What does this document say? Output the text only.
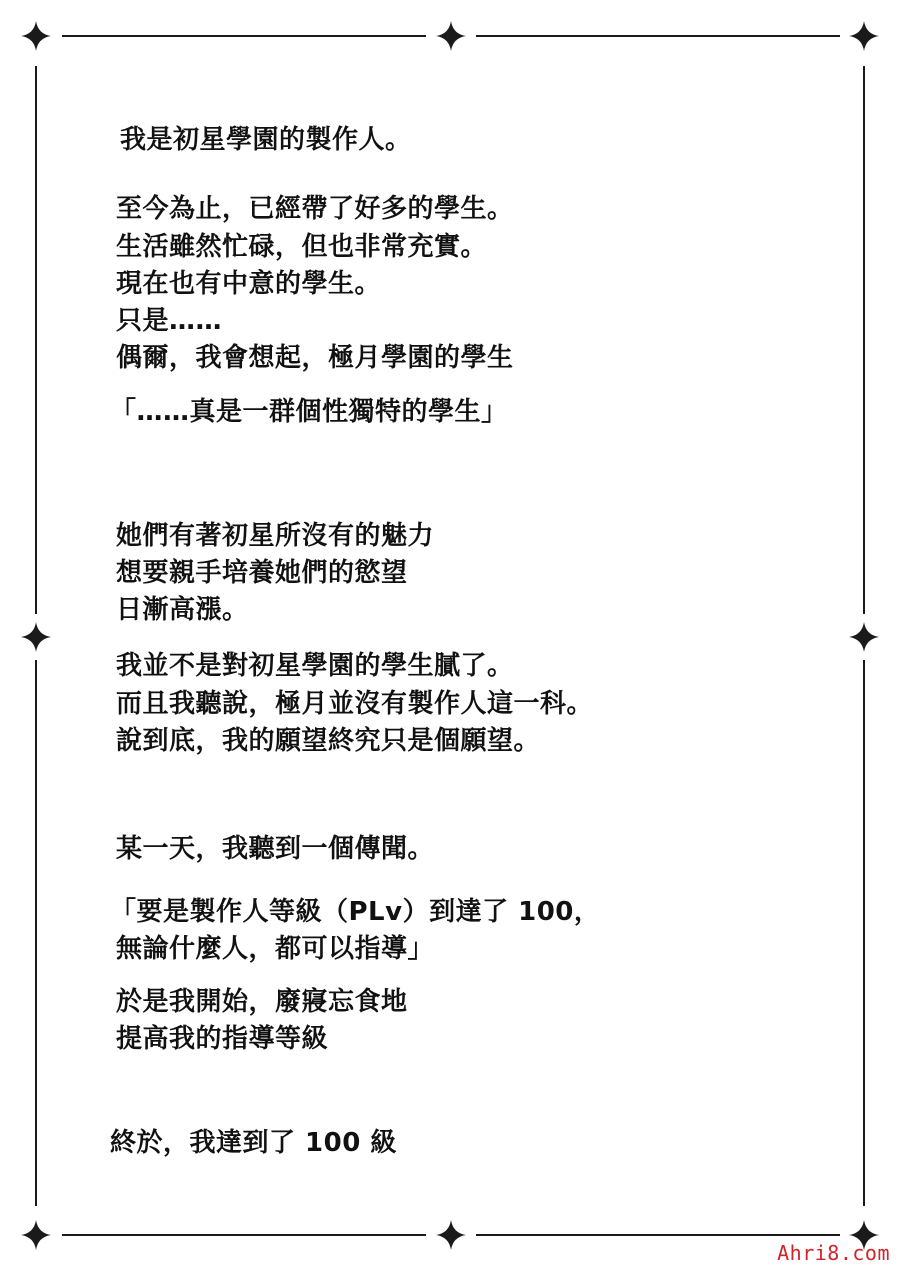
我是初星學園的製作人。
至今為止，已經帶了好多的學生。
生活雖然忙碌，但也非常充實。
現在也有中意的學生。
只是……
偶爾，我會想起，極月學園的學生
「……真是一群個性獨特的學生」
她們有著初星所沒有的魅力
想要親手培養她們的慾望
日漸高漲。
我並不是對初星學園的學生膩了。
而且我聽說，極月並沒有製作人這一科。
說到底，我的願望終究只是個願望。
某一天，我聽到一個傳聞。
「要是製作人等級（PLv）到達了 100，
無論什麼人，都可以指導」
於是我開始，廢寢忘食地
提高我的指導等級
終於，我達到了 100 級
Ahri8.com
